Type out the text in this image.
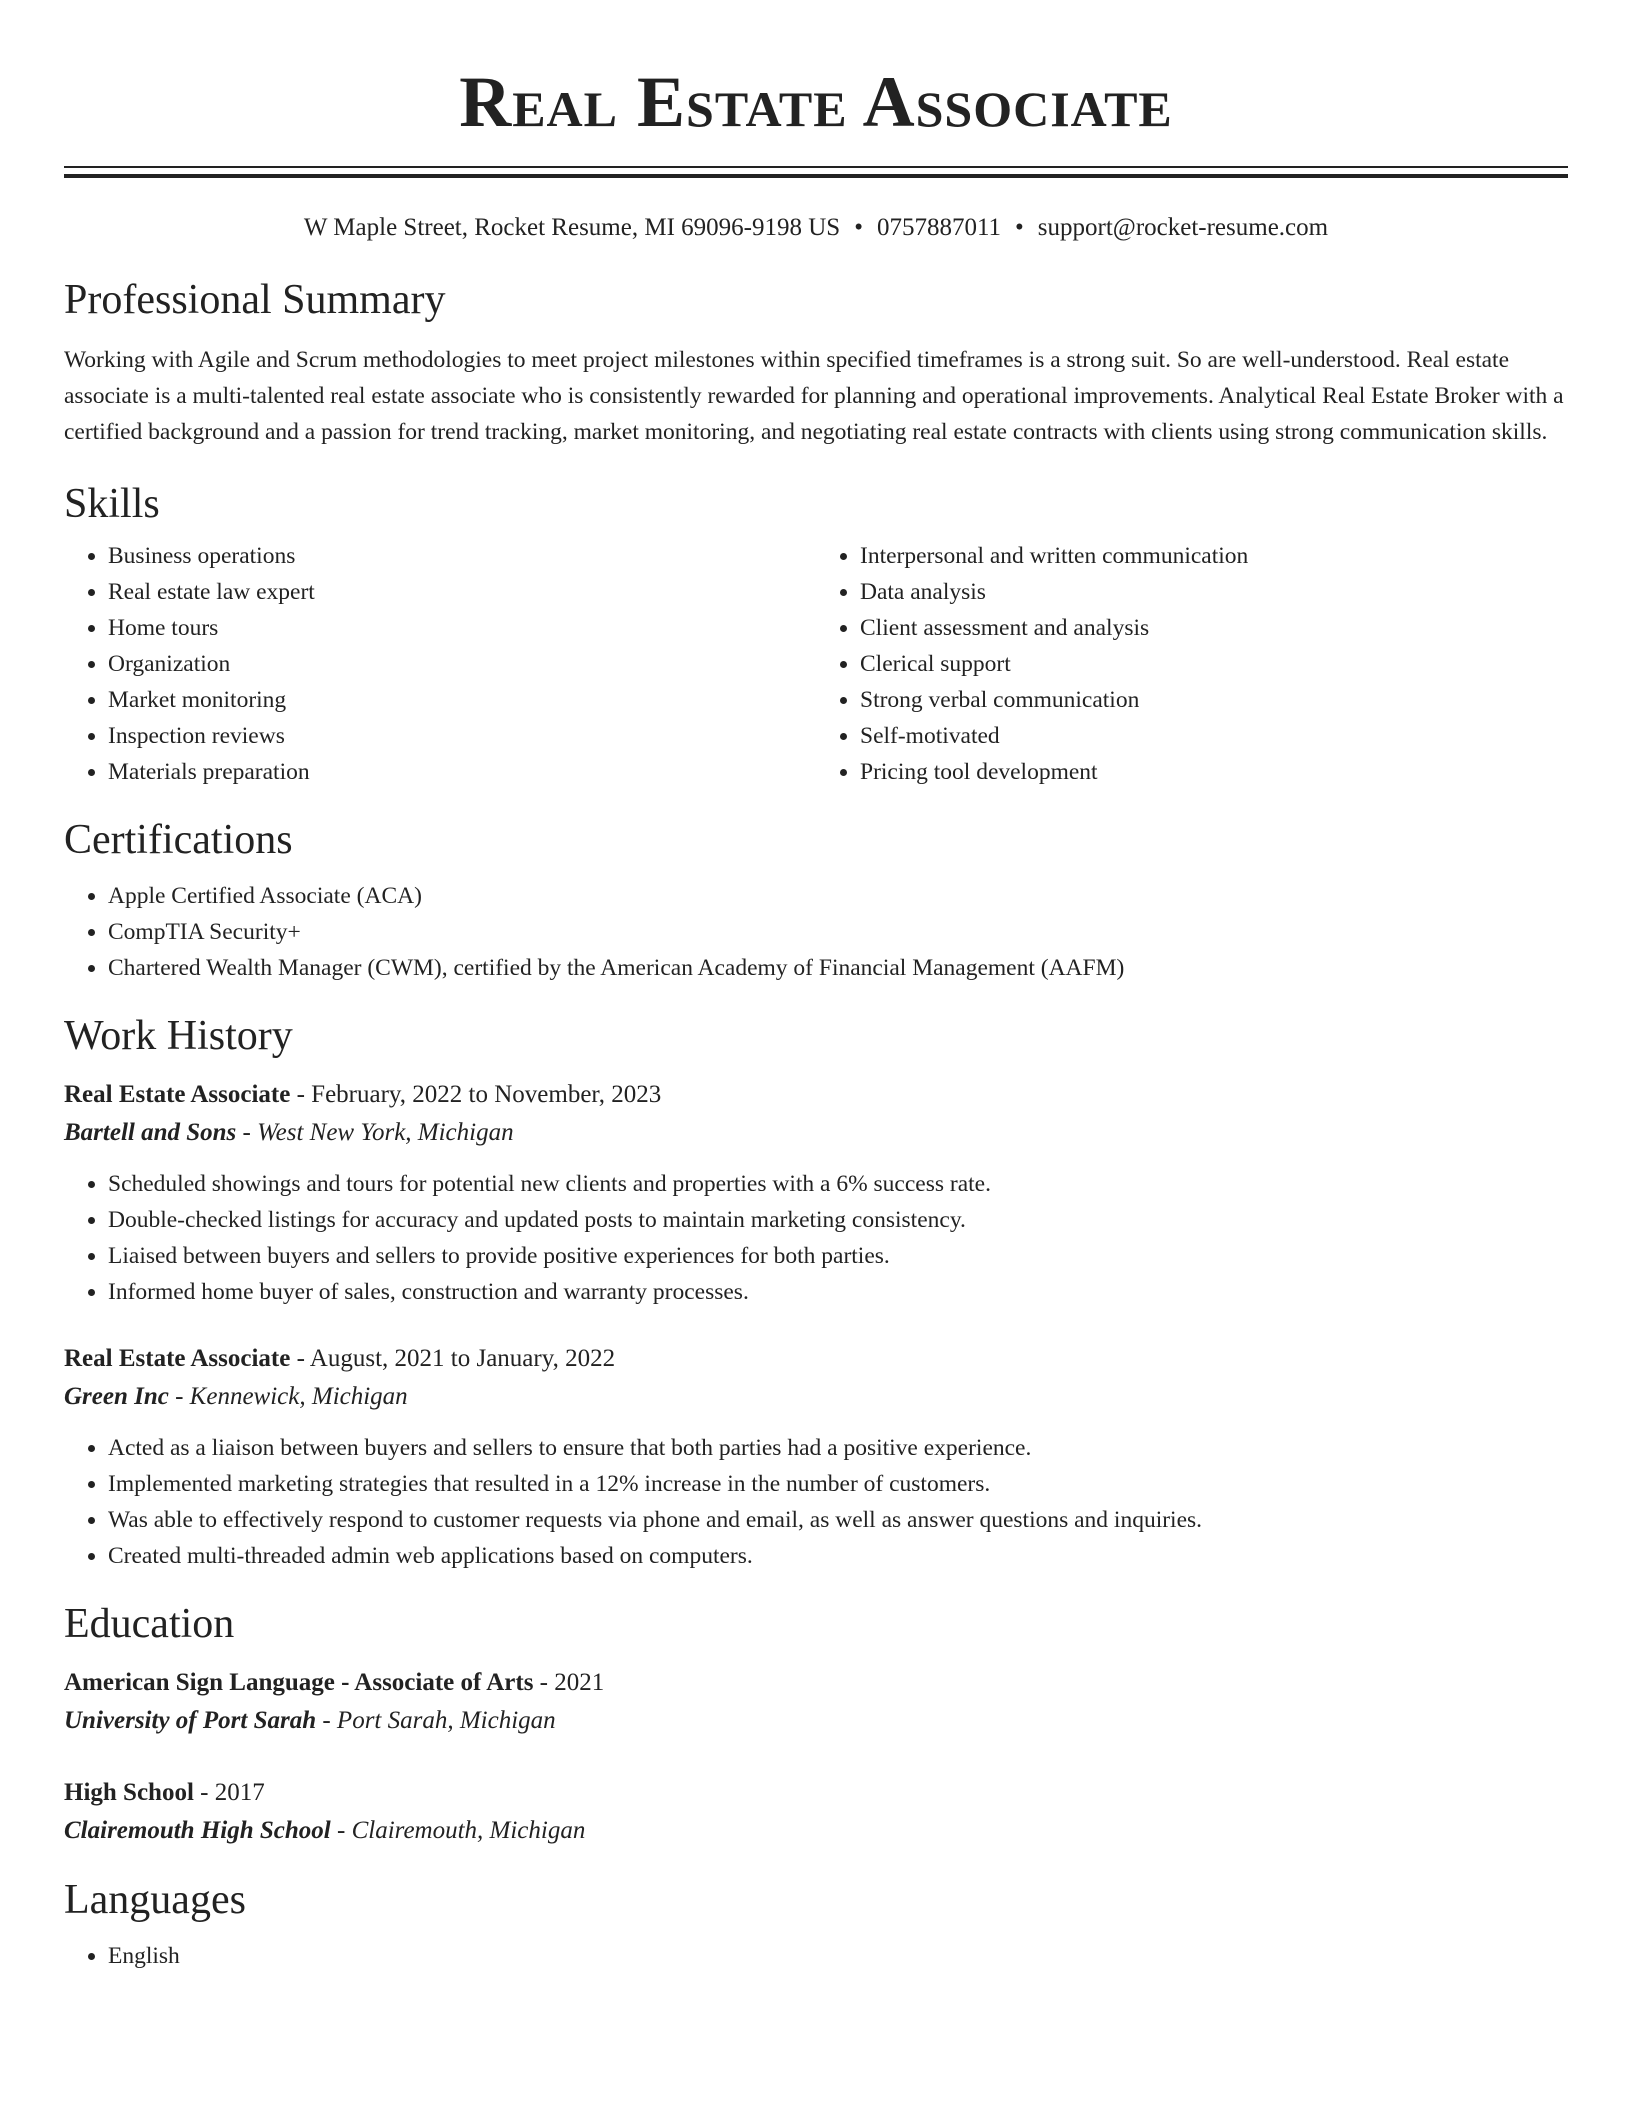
Real Estate Associate
W Maple Street, Rocket Resume, MI 69096-9198 US • 0757887011 • support@rocket-resume.com
Professional Summary

Working with Agile and Scrum methodologies to meet project milestones within specified timeframes is a strong suit. So are well-understood. Real estate associate is a multi-talented real estate associate who is consistently rewarded for planning and operational improvements. Analytical Real Estate Broker with a certified background and a passion for trend tracking, market monitoring, and negotiating real estate contracts with clients using strong communication skills.

Skills
• Business operations
• Real estate law expert
• Home tours
• Organization
• Market monitoring
• Inspection reviews
• Materials preparation
• Interpersonal and written communication
• Data analysis
• Client assessment and analysis
• Clerical support
• Strong verbal communication
• Self-motivated
• Pricing tool development
Certifications
• Apple Certified Associate (ACA)
• CompTIA Security+
• Chartered Wealth Manager (CWM), certified by the American Academy of Financial Management (AAFM)
Work History
Real Estate Associate - February, 2022 to November, 2023
Bartell and Sons - West New York, Michigan
• Scheduled showings and tours for potential new clients and properties with a 6% success rate.
• Double-checked listings for accuracy and updated posts to maintain marketing consistency.
• Liaised between buyers and sellers to provide positive experiences for both parties.
• Informed home buyer of sales, construction and warranty processes.
Real Estate Associate - August, 2021 to January, 2022
Green Inc - Kennewick, Michigan
• Acted as a liaison between buyers and sellers to ensure that both parties had a positive experience.
• Implemented marketing strategies that resulted in a 12% increase in the number of customers.
• Was able to effectively respond to customer requests via phone and email, as well as answer questions and inquiries.
• Created multi-threaded admin web applications based on computers.
Education
American Sign Language - Associate of Arts - 2021
University of Port Sarah - Port Sarah, Michigan
High School - 2017
Clairemouth High School - Clairemouth, Michigan
Languages
• English
